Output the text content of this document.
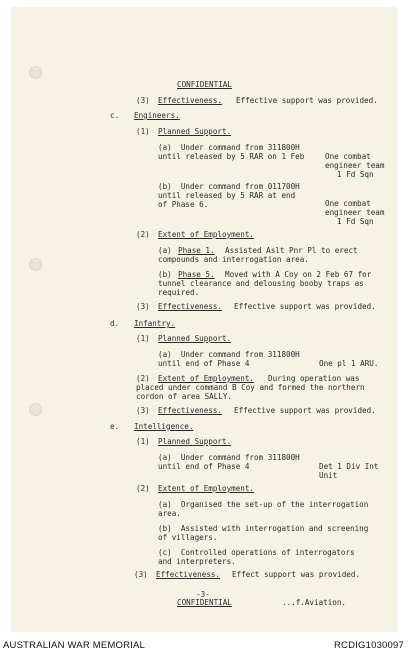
CONFIDENTIAL
(3) Effectiveness. Effective support was provided.
c. Engineers.
(1) Planned Support.
(a)  Under command from 311800H
until released by 5 RAR on 1 Feb	One combat
engineer team
1 Fd Sqn
(b)  Under command from 011700H
until released by 5 RAR at end
of Phase 6.	One combat
engineer team
1 Fd Sqn
(2) Extent of Employment.
(a) Phase 1. Assisted Aslt Pnr Pl to erect
compounds and interrogation area.
(b) Phase 5. Moved with A Coy on 2 Feb 67 for
tunnel clearance and delousing booby traps as
required.
(3) Effectiveness. Effective support was provided.
d. Infantry.
(1) Planned Support.
(a)  Under command from 311800H
until end of Phase 4	One pl 1 ARU.
(2) Extent of Employment. During operation was
placed under command B Coy and formed the northern
cordon of area SALLY.
(3) Effectiveness. Effective support was provided.
e. Intelligence.
(1) Planned Support.
(a)  Under command from 311800H
until end of Phase 4	Det 1 Div Int
Unit
(2) Extent of Employment.
(a)  Organised the set-up of the interrogation
area.
(b)  Assisted with interrogation and screening
of villagers.
(c)  Controlled operations of interrogators
and interpreters.
(3) Effectiveness. Effect support was provided.
-3-
CONFIDENTIAL	...f.Aviation.
AUSTRALIAN WAR MEMORIAL	RCDIG1030097
